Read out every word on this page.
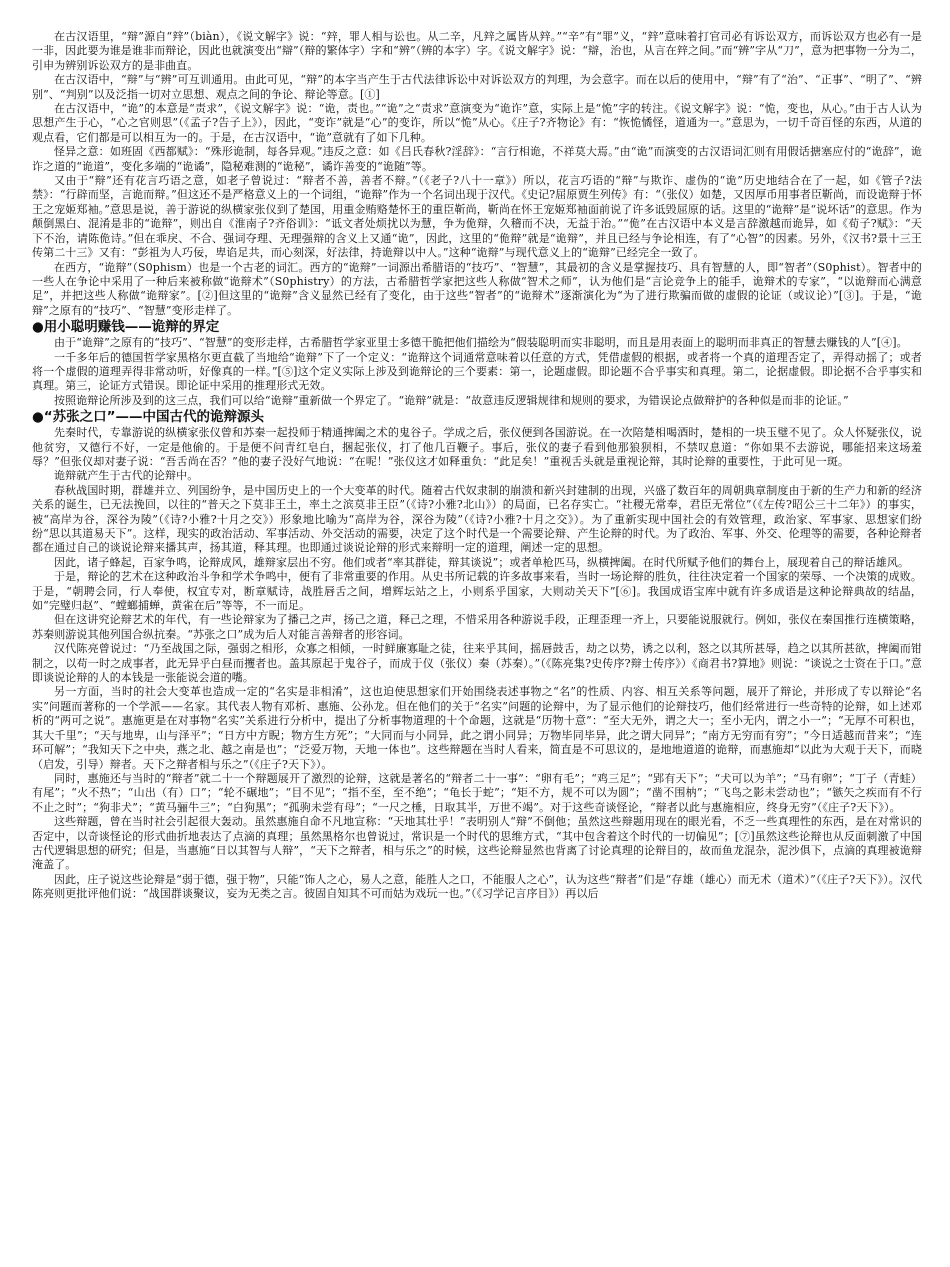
在古汉语里，“辩”源自“辡”（biàn），《说文解字》说：“辡，罪人相与讼也。从二辛，凡辡之属皆从辡。”“辛”有“罪”义，“辡”意味着打官司必有诉讼双方，而诉讼双方也必有一是一非，因此要为谁是谁非而辩论，因此也就演变出“辯”（辩的繁体字）字和“辨”（辨的本字）字。《说文解字》说：“辯，治也，从言在辡之间。”而“辨”字从“刀”，意为把事物一分为二，引申为辨别诉讼双方的是非曲直。
在古汉语中，“辩”与“辨”可互训通用。由此可见，“辩”的本字当产生于古代法律诉讼中对诉讼双方的判理，为会意字。而在以后的使用中，“辩”有了“治”、“正事”、“明了”、“辨别”、“判别”以及泛指一切对立思想、观点之间的争论、辩论等意。[①]
在古汉语中，“诡”的本意是“责求”，《说文解字》说：“诡，责也。”“诡”之“责求”意演变为“诡诈”意，实际上是“恑”字的转注。《说文解字》说：“恑，变也，从心。”由于古人认为思想产生于心，“心之官则思”（《孟子?告子上》），因此，“变诈”就是“心”的变诈，所以“恑”从心。《庄子?齐物论》有：“恢恑憰怪，道通为一。”意思为，一切千奇百怪的东西，从道的观点看，它们都是可以相互为一的。于是，在古汉语中，“诡”意就有了如下几种。
怪异之意：如班固《西都赋》：“殊形诡制，每各异观。”违反之意：如《吕氏春秋?淫辞》：“言行相诡，不祥莫大焉。”由“诡”而演变的古汉语词汇则有用假话搪塞应付的“诡辞”，诡诈之道的“诡道”，变化多端的“诡谲”，隐秘难测的“诡秘”，谲诈善变的“诡随”等。
又由于“辩”还有花言巧语之意，如老子曾说过：“辩者不善，善者不辩。”（《老子?八十一章》）所以，花言巧语的“辩”与欺诈、虚伪的“诡”历史地结合在了一起，如《管子?法禁》：“行辟而坚，言诡而辩。”但这还不是严格意义上的一个词组，“诡辩”作为一个名词出现于汉代。《史记?屈原贾生列传》有：“（张仪）如楚，又因厚币用事者臣靳尚，而设诡辩于怀王之宠姬郑袖。”意思是说，善于游说的纵横家张仪到了楚国，用重金贿赂楚怀王的重臣靳尚，靳尚在怀王宠姬郑袖面前说了许多诋毁屈原的话。这里的“诡辩”是“说坏话”的意思。作为颠倒黑白、混淆是非的“诡辩”，则出自《淮南子?齐俗训》：“诋文者处烦扰以为慧，争为佹辩，久稽而不决，无益于治。”“佹”在古汉语中本义是言辞激越而诡异，如《荀子?赋》：“天下不治，请陈佹诗。”但在乖戾、不合、强词夺理、无理强辩的含义上又通“诡”，因此，这里的“佹辩”就是“诡辩”，并且已经与争论相连，有了“心智”的因素。另外，《汉书?景十三王传第二十三》又有：“彭祖为人巧佞，卑谄足共，而心刻深，好法律，持诡辩以中人。”这种“诡辩”与现代意义上的“诡辩”已经完全一致了。
在西方，“诡辩”（S0phism）也是一个古老的词汇。西方的“诡辩”一词源出希腊语的“技巧”、“智慧”，其最初的含义是掌握技巧、具有智慧的人，即“智者”（S0phist）。智者中的一些人在争论中采用了一种后来被称做“诡辩术”（S0phistry）的方法，古希腊哲学家把这些人称做“智术之师”，认为他们是“言论竞争上的能手，诡辩术的专家”，“以诡辩而心满意足”，并把这些人称做“诡辩家”。[②]但这里的“诡辩”含义显然已经有了变化，由于这些“智者”的“诡辩术”逐渐演化为“为了进行欺骗而做的虚假的论证（或议论）”[③]。于是，“诡辩”之原有的“技巧”、“智慧”变形走样了。
●用小聪明赚钱——诡辩的界定
由于“诡辩”之原有的“技巧”、“智慧”的变形走样，古希腊哲学家亚里士多德干脆把他们描绘为“假装聪明而实非聪明，而且是用表面上的聪明而非真正的智慧去赚钱的人”[④]。
一千多年后的德国哲学家黑格尔更直截了当地给“诡辩”下了一个定义：“诡辩这个词通常意味着以任意的方式，凭借虚假的根据，或者将一个真的道理否定了，弄得动摇了；或者将一个虚假的道理弄得非常动听，好像真的一样。”[⑤]这个定义实际上涉及到诡辩论的三个要素：第一，论题虚假。即论题不合乎事实和真理。第二，论据虚假。即论据不合乎事实和真理。第三，论证方式错误。即论证中采用的推理形式无效。
按照诡辩论所涉及到的这三点，我们可以给“诡辩”重新做一个界定了。“诡辩”就是：“故意违反逻辑规律和规则的要求，为错误论点做辩护的各种似是而非的论证。”
●“苏张之口”——中国古代的诡辩源头
先秦时代，专靠游说的纵横家张仪曾和苏秦一起投师于精通捭阖之术的鬼谷子。学成之后，张仪便到各国游说。在一次陪楚相喝酒时，楚相的一块玉璧不见了。众人怀疑张仪，说他贫穷，又德行不好，一定是他偷的。于是便不问青红皂白，捆起张仪，打了他几百鞭子。事后，张仪的妻子看到他那狼狈相，不禁叹息道：“你如果不去游说，哪能招来这场羞辱？”但张仪却对妻子说：“吾舌尚在否？”他的妻子没好气地说：“在呢！”张仪这才如释重负：“此足矣！”重视舌头就是重视论辩，其时论辩的重要性，于此可见一斑。
诡辩就产生于古代的论辩中。
春秋战国时期，群雄并立、列国纷争，是中国历史上的一个大变革的时代。随着古代奴隶制的崩溃和新兴封建制的出现，兴盛了数百年的周朝典章制度由于新的生产力和新的经济关系的诞生，已无法挽回，以往的“普天之下莫非王土，率土之滨莫非王臣”（《诗?小雅?北山》）的局面，已名存实亡。“社稷无常奉，君臣无常位”（《左传?昭公三十二年》）的事实，被“高岸为谷，深谷为陵”（《诗?小雅?十月之交》）形象地比喻为“高岸为谷，深谷为陵”（《诗?小雅?十月之交》）。为了重新实现中国社会的有效管理，政治家、军事家、思想家们纷纷“思以其道易天下”。这样，现实的政治活动、军事活动、外交活动的需要，决定了这个时代是一个需要论辩、产生论辩的时代。为了政治、军事、外交、伦理等的需要，各种论辩者都在通过自己的谈说论辩来播其声，扬其道，释其理。也即通过谈说论辩的形式来辩明一定的道理，阐述一定的思想。
因此，诸子蜂起，百家争鸣，论辩成风，雄辩家层出不穷。他们或者“率其群徒，辩其谈说”；或者单枪匹马，纵横捭阖。在时代所赋予他们的舞台上，展现着自己的辩话雄风。
于是，辩论的艺术在这种政治斗争和学术争鸣中，便有了非常重要的作用。从史书所记载的许多故事来看，当时一场论辩的胜负，往往决定着一个国家的荣辱、一个决策的成败。于是，“朝聘会同，行人奉使，权宜专对，断章赋诗，战胜唇舌之间，增辉坛站之上，小则系乎国家，大则动关天下”[⑥]。我国成语宝库中就有许多成语是这种论辩典故的结晶，如“完璧归赵”、“螳螂捕蝉，黄雀在后”等等，不一而足。
但在这讲究论辩艺术的年代，有一些论辩家为了播己之声，扬己之道，释己之理，不惜采用各种游说手段，正理歪理一齐上，只要能说服就行。例如，张仪在秦国推行连横策略，苏秦则游说其他列国合纵抗秦。“苏张之口”成为后人对能言善辩者的形容词。
汉代陈亮曾说过：“乃至战国之际，强弱之相形，众寡之相倾，一时鲜廉寡耻之徒，往来乎其间，摇唇鼓舌，劫之以势，诱之以利，怒之以其所甚辱，趋之以其所甚欲，捭阖而钳制之，以苟一时之成事者，此无异乎白昼而攫者也。盖其原起于鬼谷子，而成于仪（张仪）秦（苏秦）。”（《陈亮集?史传序?辩士传序》）《商君书?算地》则说：“谈说之士资在于口。”意即谈说论辩的人的本钱是一张能说会道的嘴。
另一方面，当时的社会大变革也造成一定的“名实是非相淆”，这也迫使思想家们开始围绕表述事物之“名”的性质、内容、相互关系等问题，展开了辩论，并形成了专以辩论“名实”问题而著称的一个学派——名家。其代表人物有邓析、惠施、公孙龙。但在他们的关于“名实”问题的论辩中，为了显示他们的论辩技巧，他们经常进行一些奇特的论辩，如上述邓析的“两可之说”。惠施更是在对事物“名实”关系进行分析中，提出了分析事物道理的十个命题，这就是“历物十意”：“至大无外，谓之大一；至小无内，谓之小一”；“无厚不可积也，其大千里”；“天与地卑，山与泽平”；“日方中方睨；物方生方死”；“大同而与小同异，此之谓小同异；万物毕同毕异，此之谓大同异”；“南方无穷而有穷”；“今日适越而昔来”；“连环可解”；“我知天下之中央，燕之北、越之南是也”；“泛爱万物，天地一体也”。这些辩题在当时人看来，简直是不可思议的，是地地道道的诡辩，而惠施却“以此为大观于天下，而晓（启发，引导）辩者。天下之辩者相与乐之”（《庄子?天下》）。
同时，惠施还与当时的“辩者”就二十一个辩题展开了激烈的论辩，这就是著名的“辩者二十一事”：“卵有毛”；“鸡三足”；“郢有天下”；“犬可以为羊”；“马有卵”；“丁子（青蛙）有尾”；“火不热”；“山出（有）口”；“轮不碾地”；“目不见”；“指不至，至不绝”；“龟长于蛇”；“矩不方，规不可以为圆”；“凿不围枘”；“飞鸟之影未尝动也”；“镞矢之疾而有不行不止之时”；“狗非犬”；“黄马骊牛三”；“白狗黑”；“孤驹未尝有母”；“一尺之棰，日取其半，万世不竭”。对于这些奇谈怪论，“辩者以此与惠施相应，终身无穷”（《庄子?天下》）。
这些辩题，曾在当时社会引起很大轰动。虽然惠施自命不凡地宣称：“天地其壮乎！”表明别人“辩”不倒他；虽然这些辩题用现在的眼光看，不乏一些真理性的东西，是在对常识的否定中，以奇谈怪论的形式曲折地表达了点滴的真理；虽然黑格尔也曾说过，常识是一个时代的思维方式，“其中包含着这个时代的一切偏见”；[⑦]虽然这些论辩也从反面刺激了中国古代逻辑思想的研究；但是，当惠施“日以其智与人辩”，“天下之辩者，相与乐之”的时候，这些论辩显然也背离了讨论真理的论辩目的，故而鱼龙混杂，泥沙俱下，点滴的真理被诡辩淹盖了。
因此，庄子说这些论辩是“弱于德，强于物”，只能“饰人之心，易人之意，能胜人之口，不能服人之心”，认为这些“辩者”们是“存雄（雄心）而无术（道术）”（《庄子?天下》）。汉代陈亮则更批评他们说：“战国群谈聚议，妄为无类之言。彼固自知其不可而姑为戏玩一也。”（《习学记言序目》）再以后
